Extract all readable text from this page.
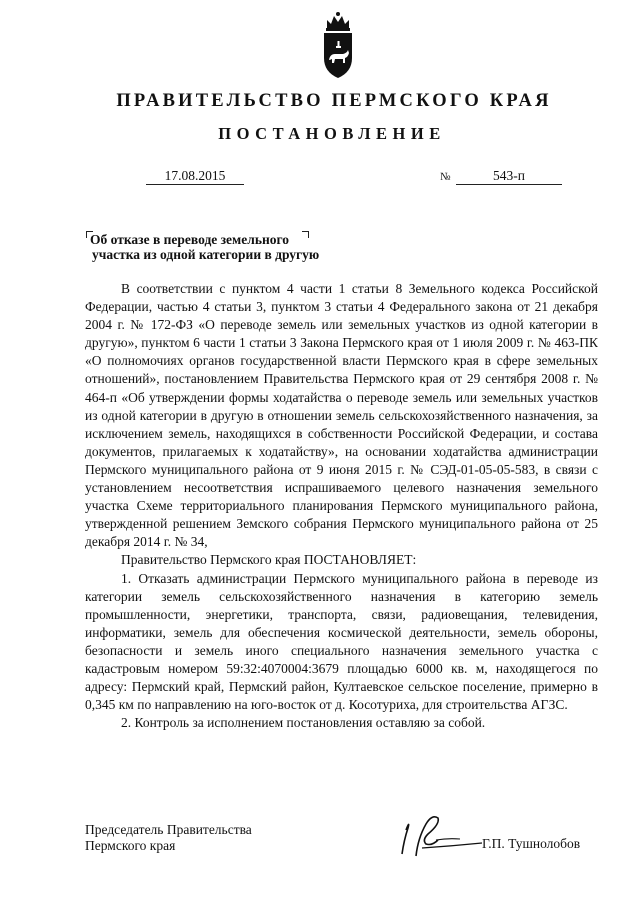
ПРАВИТЕЛЬСТВО ПЕРМСКОГО КРАЯ
ПОСТАНОВЛЕНИЕ
17.08.2015	№	543-п
Об отказе в переводе земельного
участка из одной категории в другую

В соответствии с пунктом 4 части 1 статьи 8 Земельного кодекса Российской Федерации, частью 4 статьи 3, пунктом 3 статьи 4 Федерального закона от 21 декабря 2004 г. № 172-ФЗ «О переводе земель или земельных участков из одной категории в другую», пунктом 6 части 1 статьи 3 Закона Пермского края от 1 июля 2009 г. № 463-ПК «О полномочиях органов государственной власти Пермского края в сфере земельных отношений», постановлением Правительства Пермского края от 29 сентября 2008 г. № 464-п «Об утверждении формы ходатайства о переводе земель или земельных участков из одной категории в другую в отношении земель сельскохозяйственного назначения, за исключением земель, находящихся в собственности Российской Федерации, и состава документов, прилагаемых к ходатайству», на основании ходатайства администрации Пермского муниципального района от 9 июня 2015 г. № СЭД-01-05-05-583, в связи с установлением несоответствия испрашиваемого целевого назначения земельного участка Схеме территориального планирования Пермского муниципального района, утвержденной решением Земского собрания Пермского муниципального района от 25 декабря 2014 г. № 34,

Правительство Пермского края ПОСТАНОВЛЯЕТ:

1. Отказать администрации Пермского муниципального района в переводе из категории земель сельскохозяйственного назначения в категорию земель промышленности, энергетики, транспорта, связи, радиовещания, телевидения, информатики, земель для обеспечения космической деятельности, земель обороны, безопасности и земель иного специального назначения земельного участка с кадастровым номером 59:32:4070004:3679 площадью 6000 кв. м, находящегося по адресу: Пермский край, Пермский район, Култаевское сельское поселение, примерно в 0,345 км по направлению на юго-восток от д. Косотуриха, для строительства АГЗС.

2. Контроль за исполнением постановления оставляю за собой.

Председатель Правительства
Пермского края	Г.П. Тушнолобов
